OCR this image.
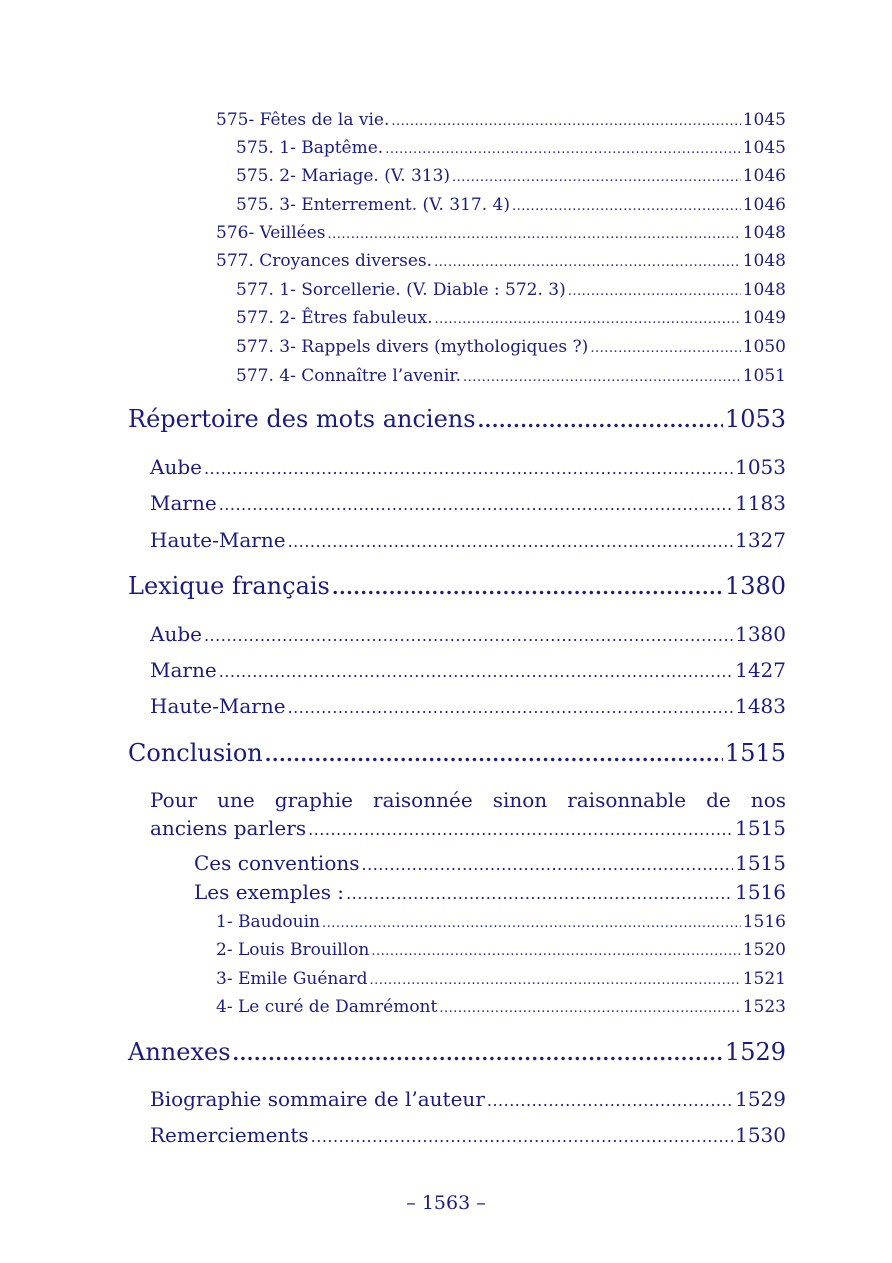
575- Fêtes de la vie. .....	1045
575. 1- Baptême. .....	1045
575. 2- Mariage. (V. 313) .....	1046
575. 3- Enterrement. (V. 317. 4) .....	1046
576- Veillées .....	1048
577. Croyances diverses. .....	1048
577. 1- Sorcellerie. (V. Diable : 572. 3) .....	1048
577. 2- Êtres fabuleux. .....	1049
577. 3- Rappels divers (mythologiques ?) .....	1050
577. 4- Connaître l’avenir. .....	1051
Répertoire des mots anciens .....	1053
Aube .....	1053
Marne .....	1183
Haute-Marne .....	1327
Lexique français .....	1380
Aube .....	1380
Marne .....	1427
Haute-Marne .....	1483
Conclusion .....	1515
Pour une graphie raisonnée sinon raisonnable de nos
anciens parlers .....	1515
Ces conventions .....	1515
Les exemples : .....	1516
1- Baudouin .....	1516
2- Louis Brouillon .....	1520
3- Emile Guénard .....	1521
4- Le curé de Damrémont .....	1523
Annexes .....	1529
Biographie sommaire de l’auteur .....	1529
Remerciements .....	1530
– 1563 –
